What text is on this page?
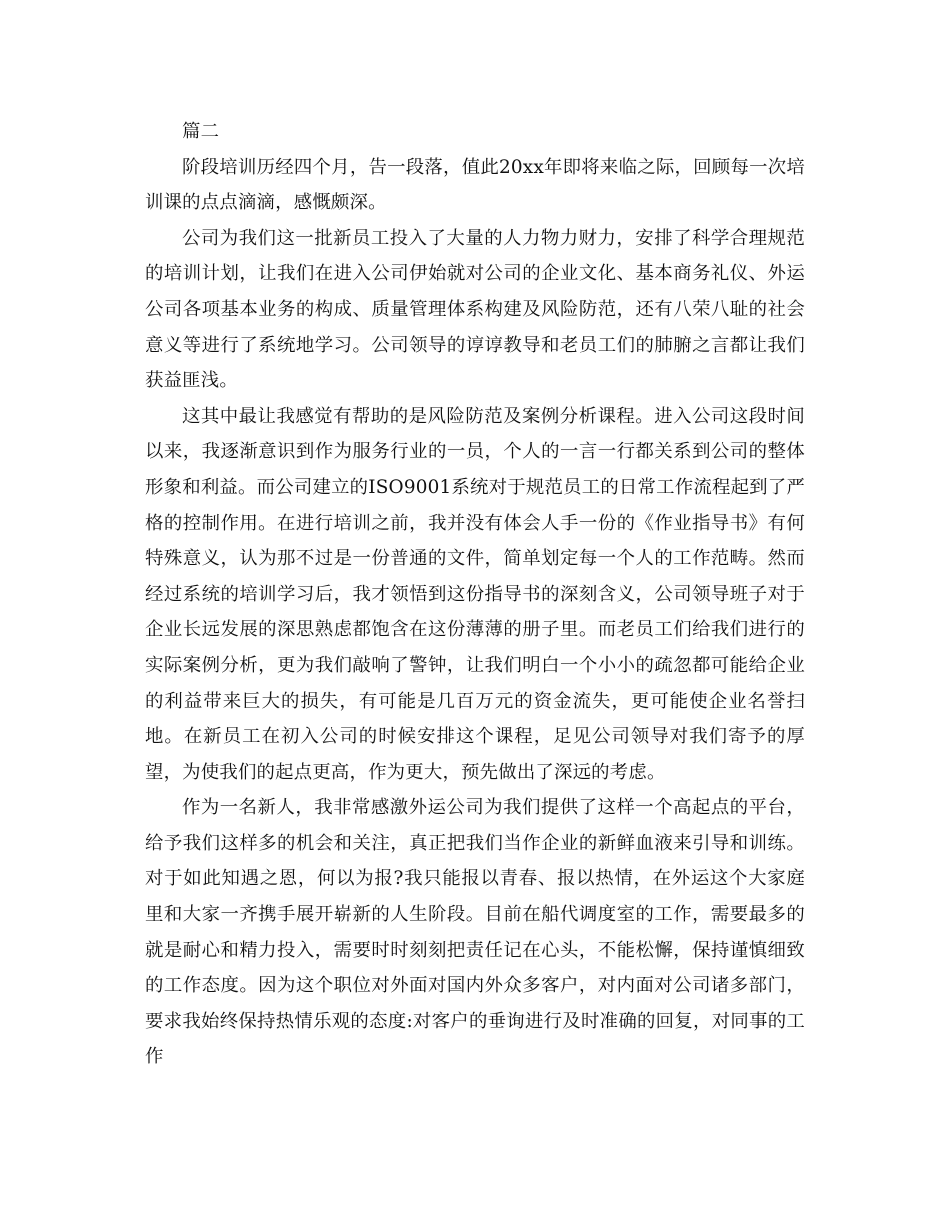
篇二

阶段培训历经四个月，告一段落，值此20xx年即将来临之际，回顾每一次培训课的点点滴滴，感慨颇深。

公司为我们这一批新员工投入了大量的人力物力财力，安排了科学合理规范的培训计划，让我们在进入公司伊始就对公司的企业文化、基本商务礼仪、外运公司各项基本业务的构成、质量管理体系构建及风险防范，还有八荣八耻的社会意义等进行了系统地学习。公司领导的谆谆教导和老员工们的肺腑之言都让我们获益匪浅。

这其中最让我感觉有帮助的是风险防范及案例分析课程。进入公司这段时间以来，我逐渐意识到作为服务行业的一员，个人的一言一行都关系到公司的整体形象和利益。而公司建立的ISO9001系统对于规范员工的日常工作流程起到了严格的控制作用。在进行培训之前，我并没有体会人手一份的《作业指导书》有何特殊意义，认为那不过是一份普通的文件，简单划定每一个人的工作范畴。然而经过系统的培训学习后，我才领悟到这份指导书的深刻含义，公司领导班子对于企业长远发展的深思熟虑都饱含在这份薄薄的册子里。而老员工们给我们进行的实际案例分析，更为我们敲响了警钟，让我们明白一个小小的疏忽都可能给企业的利益带来巨大的损失，有可能是几百万元的资金流失，更可能使企业名誉扫地。在新员工在初入公司的时候安排这个课程，足见公司领导对我们寄予的厚望，为使我们的起点更高，作为更大，预先做出了深远的考虑。

作为一名新人，我非常感激外运公司为我们提供了这样一个高起点的平台，给予我们这样多的机会和关注，真正把我们当作企业的新鲜血液来引导和训练。对于如此知遇之恩，何以为报?我只能报以青春、报以热情，在外运这个大家庭里和大家一齐携手展开崭新的人生阶段。目前在船代调度室的工作，需要最多的就是耐心和精力投入，需要时时刻刻把责任记在心头，不能松懈，保持谨慎细致的工作态度。因为这个职位对外面对国内外众多客户，对内面对公司诸多部门，要求我始终保持热情乐观的态度:对客户的垂询进行及时准确的回复，对同事的工作
